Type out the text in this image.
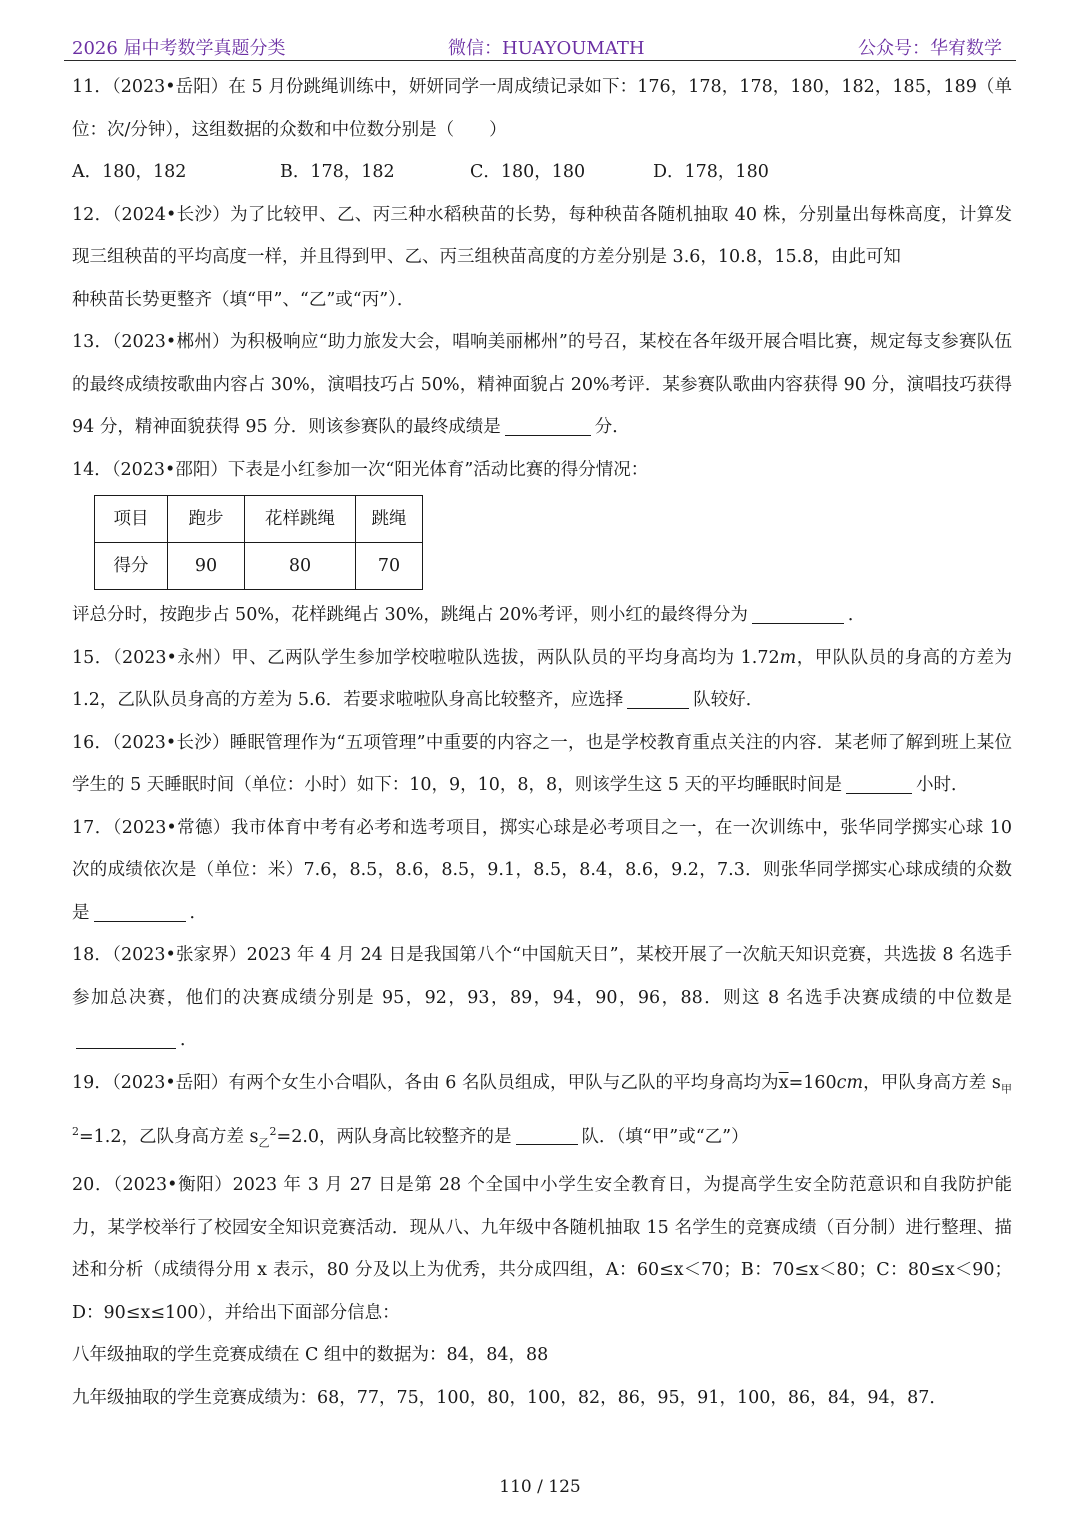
2026 届中考数学真题分类	微信：HUAYOUMATH	公众号：华宥数学

11．（2023•岳阳）在 5 月份跳绳训练中，妍妍同学一周成绩记录如下：176，178，178，180，182，185，189（单位：次/分钟），这组数据的众数和中位数分别是（　　）

A．180，182	B．178，182	C．180，180	D．178，180

12．（2024•长沙）为了比较甲、乙、丙三种水稻秧苗的长势，每种秧苗各随机抽取 40 株，分别量出每株高度，计算发现三组秧苗的平均高度一样，并且得到甲、乙、丙三组秧苗高度的方差分别是 3.6，10.8，15.8，由此可知
种秧苗长势更整齐（填“甲”、“乙”或“丙”）．

13．（2023•郴州）为积极响应“助力旅发大会，唱响美丽郴州”的号召，某校在各年级开展合唱比赛，规定每支参赛队伍的最终成绩按歌曲内容占 30%，演唱技巧占 50%，精神面貌占 20%考评．某参赛队歌曲内容获得 90 分，演唱技巧获得 94 分，精神面貌获得 95 分．则该参赛队的最终成绩是	分．

14．（2023•邵阳）下表是小红参加一次“阳光体育”活动比赛的得分情况：

项目	跑步	花样跳绳	跳绳
得分	90	80	70

评总分时，按跑步占 50%，花样跳绳占 30%，跳绳占 20%考评，则小红的最终得分为	．

15．（2023•永州）甲、乙两队学生参加学校啦啦队选拔，两队队员的平均身高均为 1.72m，甲队队员的身高的方差为 1.2，乙队队员身高的方差为 5.6．若要求啦啦队身高比较整齐，应选择	队较好．

16．（2023•长沙）睡眠管理作为“五项管理”中重要的内容之一，也是学校教育重点关注的内容．某老师了解到班上某位学生的 5 天睡眠时间（单位：小时）如下：10，9，10，8，8，则该学生这 5 天的平均睡眠时间是	小时．

17．（2023•常德）我市体育中考有必考和选考项目，掷实心球是必考项目之一，在一次训练中，张华同学掷实心球 10 次的成绩依次是（单位：米）7.6，8.5，8.6，8.5，9.1，8.5，8.4，8.6，9.2，7.3．则张华同学掷实心球成绩的众数是	．

18．（2023•张家界）2023 年 4 月 24 日是我国第八个“中国航天日”，某校开展了一次航天知识竞赛，共选拔 8 名选手参加总决赛，他们的决赛成绩分别是 95，92，93，89，94，90，96，88．则这 8 名选手决赛成绩的中位数是．

19．（2023•岳阳）有两个女生小合唱队，各由 6 名队员组成，甲队与乙队的平均身高均为$\overline{x}=160cm$，甲队身高方差 $s_甲^2=1.2$，乙队身高方差 $s_乙^2=2.0$，两队身高比较整齐的是	队．（填“甲”或“乙”）

20．（2023•衡阳）2023 年 3 月 27 日是第 28 个全国中小学生安全教育日，为提高学生安全防范意识和自我防护能力，某学校举行了校园安全知识竞赛活动．现从八、九年级中各随机抽取 15 名学生的竞赛成绩（百分制）进行整理、描述和分析（成绩得分用 x 表示，80 分及以上为优秀，共分成四组，A：60≤x＜70；B：70≤x＜80；C：80≤x＜90；D：90≤x≤100），并给出下面部分信息：

八年级抽取的学生竞赛成绩在 C 组中的数据为：84，84，88

九年级抽取的学生竞赛成绩为：68，77，75，100，80，100，82，86，95，91，100，86，84，94，87．

110 / 125
